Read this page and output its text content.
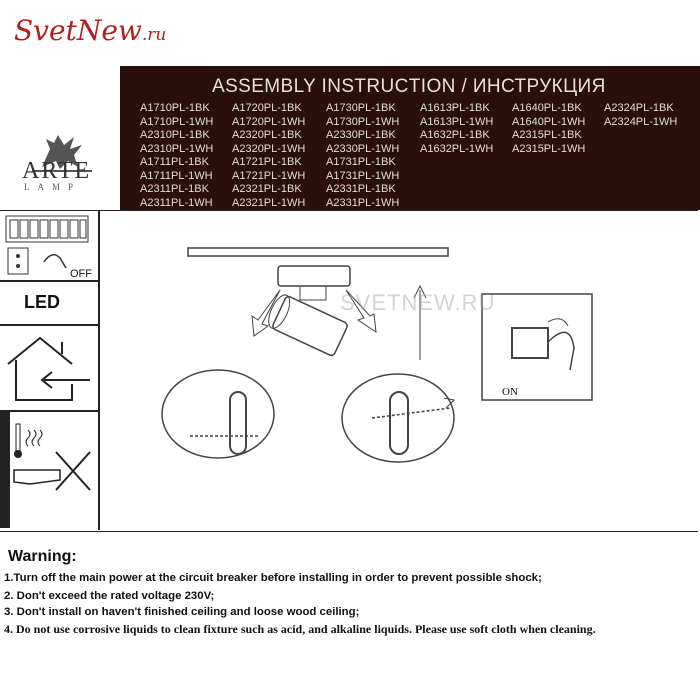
SvetNew.ru
ASSEMBLY INSTRUCTION / ИНСТРУКЦИЯ
A1710PL-1BK
A1710PL-1WH
A2310PL-1BK
A2310PL-1WH
A1711PL-1BK
A1711PL-1WH
A2311PL-1BK
A2311PL-1WH
A1720PL-1BK
A1720PL-1WH
A2320PL-1BK
A2320PL-1WH
A1721PL-1BK
A1721PL-1WH
A2321PL-1BK
A2321PL-1WH
A1730PL-1BK
A1730PL-1WH
A2330PL-1BK
A2330PL-1WH
A1731PL-1BK
A1731PL-1WH
A2331PL-1BK
A2331PL-1WH
A1613PL-1BK
A1613PL-1WH
A1632PL-1BK
A1632PL-1WH
A1640PL-1BK
A1640PL-1WH
A2315PL-1BK
A2315PL-1WH
A2324PL-1BK
A2324PL-1WH
ARTE
LAMP
OFF
LED	SVETNEW.RU
ON
Warning:
1.Turn off the main power at the circuit breaker before installing in order to prevent possible shock;
2. Don't exceed the rated voltage 230V;
3. Don't install on haven't finished ceiling and loose wood ceiling;
4. Do not use corrosive liquids to clean fixture such as acid, and alkaline liquids. Please use soft cloth when cleaning.
